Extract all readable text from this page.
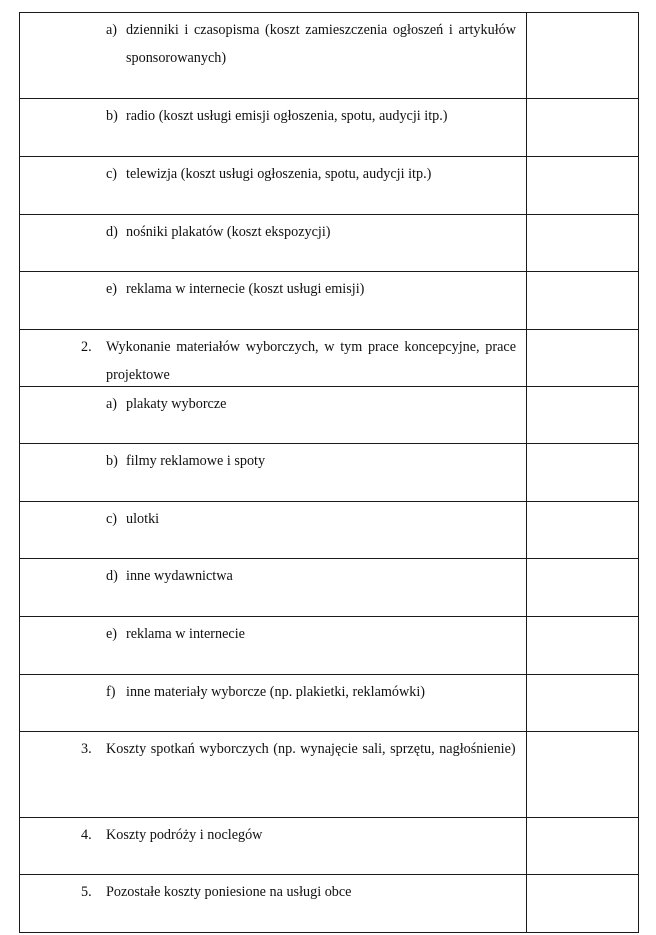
a) dzienniki i czasopisma (koszt zamieszczenia ogłoszeń i artykułów sponsorowanych)	

b) radio (koszt usługi emisji ogłoszenia, spotu, audycji itp.)	

c) telewizja (koszt usługi ogłoszenia, spotu, audycji itp.)	

d) nośniki plakatów (koszt ekspozycji)	

e) reklama w internecie (koszt usługi emisji)	

2. Wykonanie materiałów wyborczych, w tym prace koncepcyjne, prace projektowe	

a) plakaty wyborcze	

b) filmy reklamowe i spoty	

c) ulotki	

d) inne wydawnictwa	

e) reklama w internecie	

f) inne materiały wyborcze (np. plakietki, reklamówki)	

3. Koszty spotkań wyborczych (np. wynajęcie sali, sprzętu, nagłośnienie)	

4. Koszty podróży i noclegów	

5. Pozostałe koszty poniesione na usługi obce	
